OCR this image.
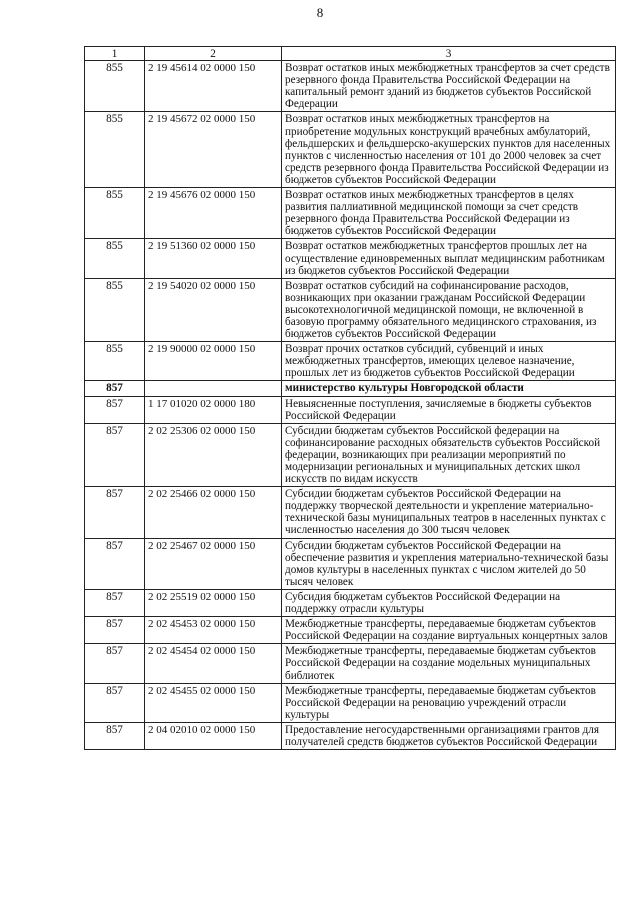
8
1	2	3
855	2 19 45614 02 0000 150	Возврат остатков иных межбюджетных трансфертов за счет средств резервного фонда Правительства Российской Федерации на капитальный ремонт зданий из бюджетов субъектов Российской Федерации
855	2 19 45672 02 0000 150	Возврат остатков иных межбюджетных трансфертов на приобретение модульных конструкций врачебных амбулаторий, фельдшерских и фельдшерско-акушерских пунктов для населенных пунктов с численностью населения от 101 до 2000 человек за счет средств резервного фонда Правительства Российской Федерации из бюджетов субъектов Российской Федерации
855	2 19 45676 02 0000 150	Возврат остатков иных межбюджетных трансфертов в целях развития паллиативной медицинской помощи за счет средств резервного фонда Правительства Российской Федерации из бюджетов субъектов Российской Федерации
855	2 19 51360 02 0000 150	Возврат остатков межбюджетных трансфертов прошлых лет на осуществление единовременных выплат медицинским работникам из бюджетов субъектов Российской Федерации
855	2 19 54020 02 0000 150	Возврат остатков субсидий на софинансирование расходов, возникающих при оказании гражданам Российской Федерации высокотехнологичной медицинской помощи, не включенной в базовую программу обязательного медицинского страхования, из бюджетов субъектов Российской Федерации
855	2 19 90000 02 0000 150	Возврат прочих остатков субсидий, субвенций и иных межбюджетных трансфертов, имеющих целевое назначение, прошлых лет из бюджетов субъектов Российской Федерации
857		министерство культуры Новгородской области
857	1 17 01020 02 0000 180	Невыясненные поступления, зачисляемые в бюджеты субъектов Российской Федерации
857	2 02 25306 02 0000 150	Субсидии бюджетам субъектов Российской федерации на софинансирование расходных обязательств субъектов Российской федерации, возникающих при реализации мероприятий по модернизации региональных и муниципальных детских школ искусств по видам искусств
857	2 02 25466 02 0000 150	Субсидии бюджетам субъектов Российской Федерации на поддержку творческой деятельности и укрепление материально-технической базы муниципальных театров в населенных пунктах с численностью населения до 300 тысяч человек
857	2 02 25467 02 0000 150	Субсидии бюджетам субъектов Российской Федерации на обеспечение развития и укрепления материально-технической базы домов культуры в населенных пунктах с числом жителей до 50 тысяч человек
857	2 02 25519 02 0000 150	Субсидия бюджетам субъектов Российской Федерации на поддержку отрасли культуры
857	2 02 45453 02 0000 150	Межбюджетные трансферты, передаваемые бюджетам субъектов Российской Федерации на создание виртуальных концертных залов
857	2 02 45454 02 0000 150	Межбюджетные трансферты, передаваемые бюджетам субъектов Российской Федерации на создание модельных муниципальных библиотек
857	2 02 45455 02 0000 150	Межбюджетные трансферты, передаваемые бюджетам субъектов Российской Федерации на реновацию учреждений отрасли культуры
857	2 04 02010 02 0000 150	Предоставление негосударственными организациями грантов для получателей средств бюджетов субъектов Российской Федерации
